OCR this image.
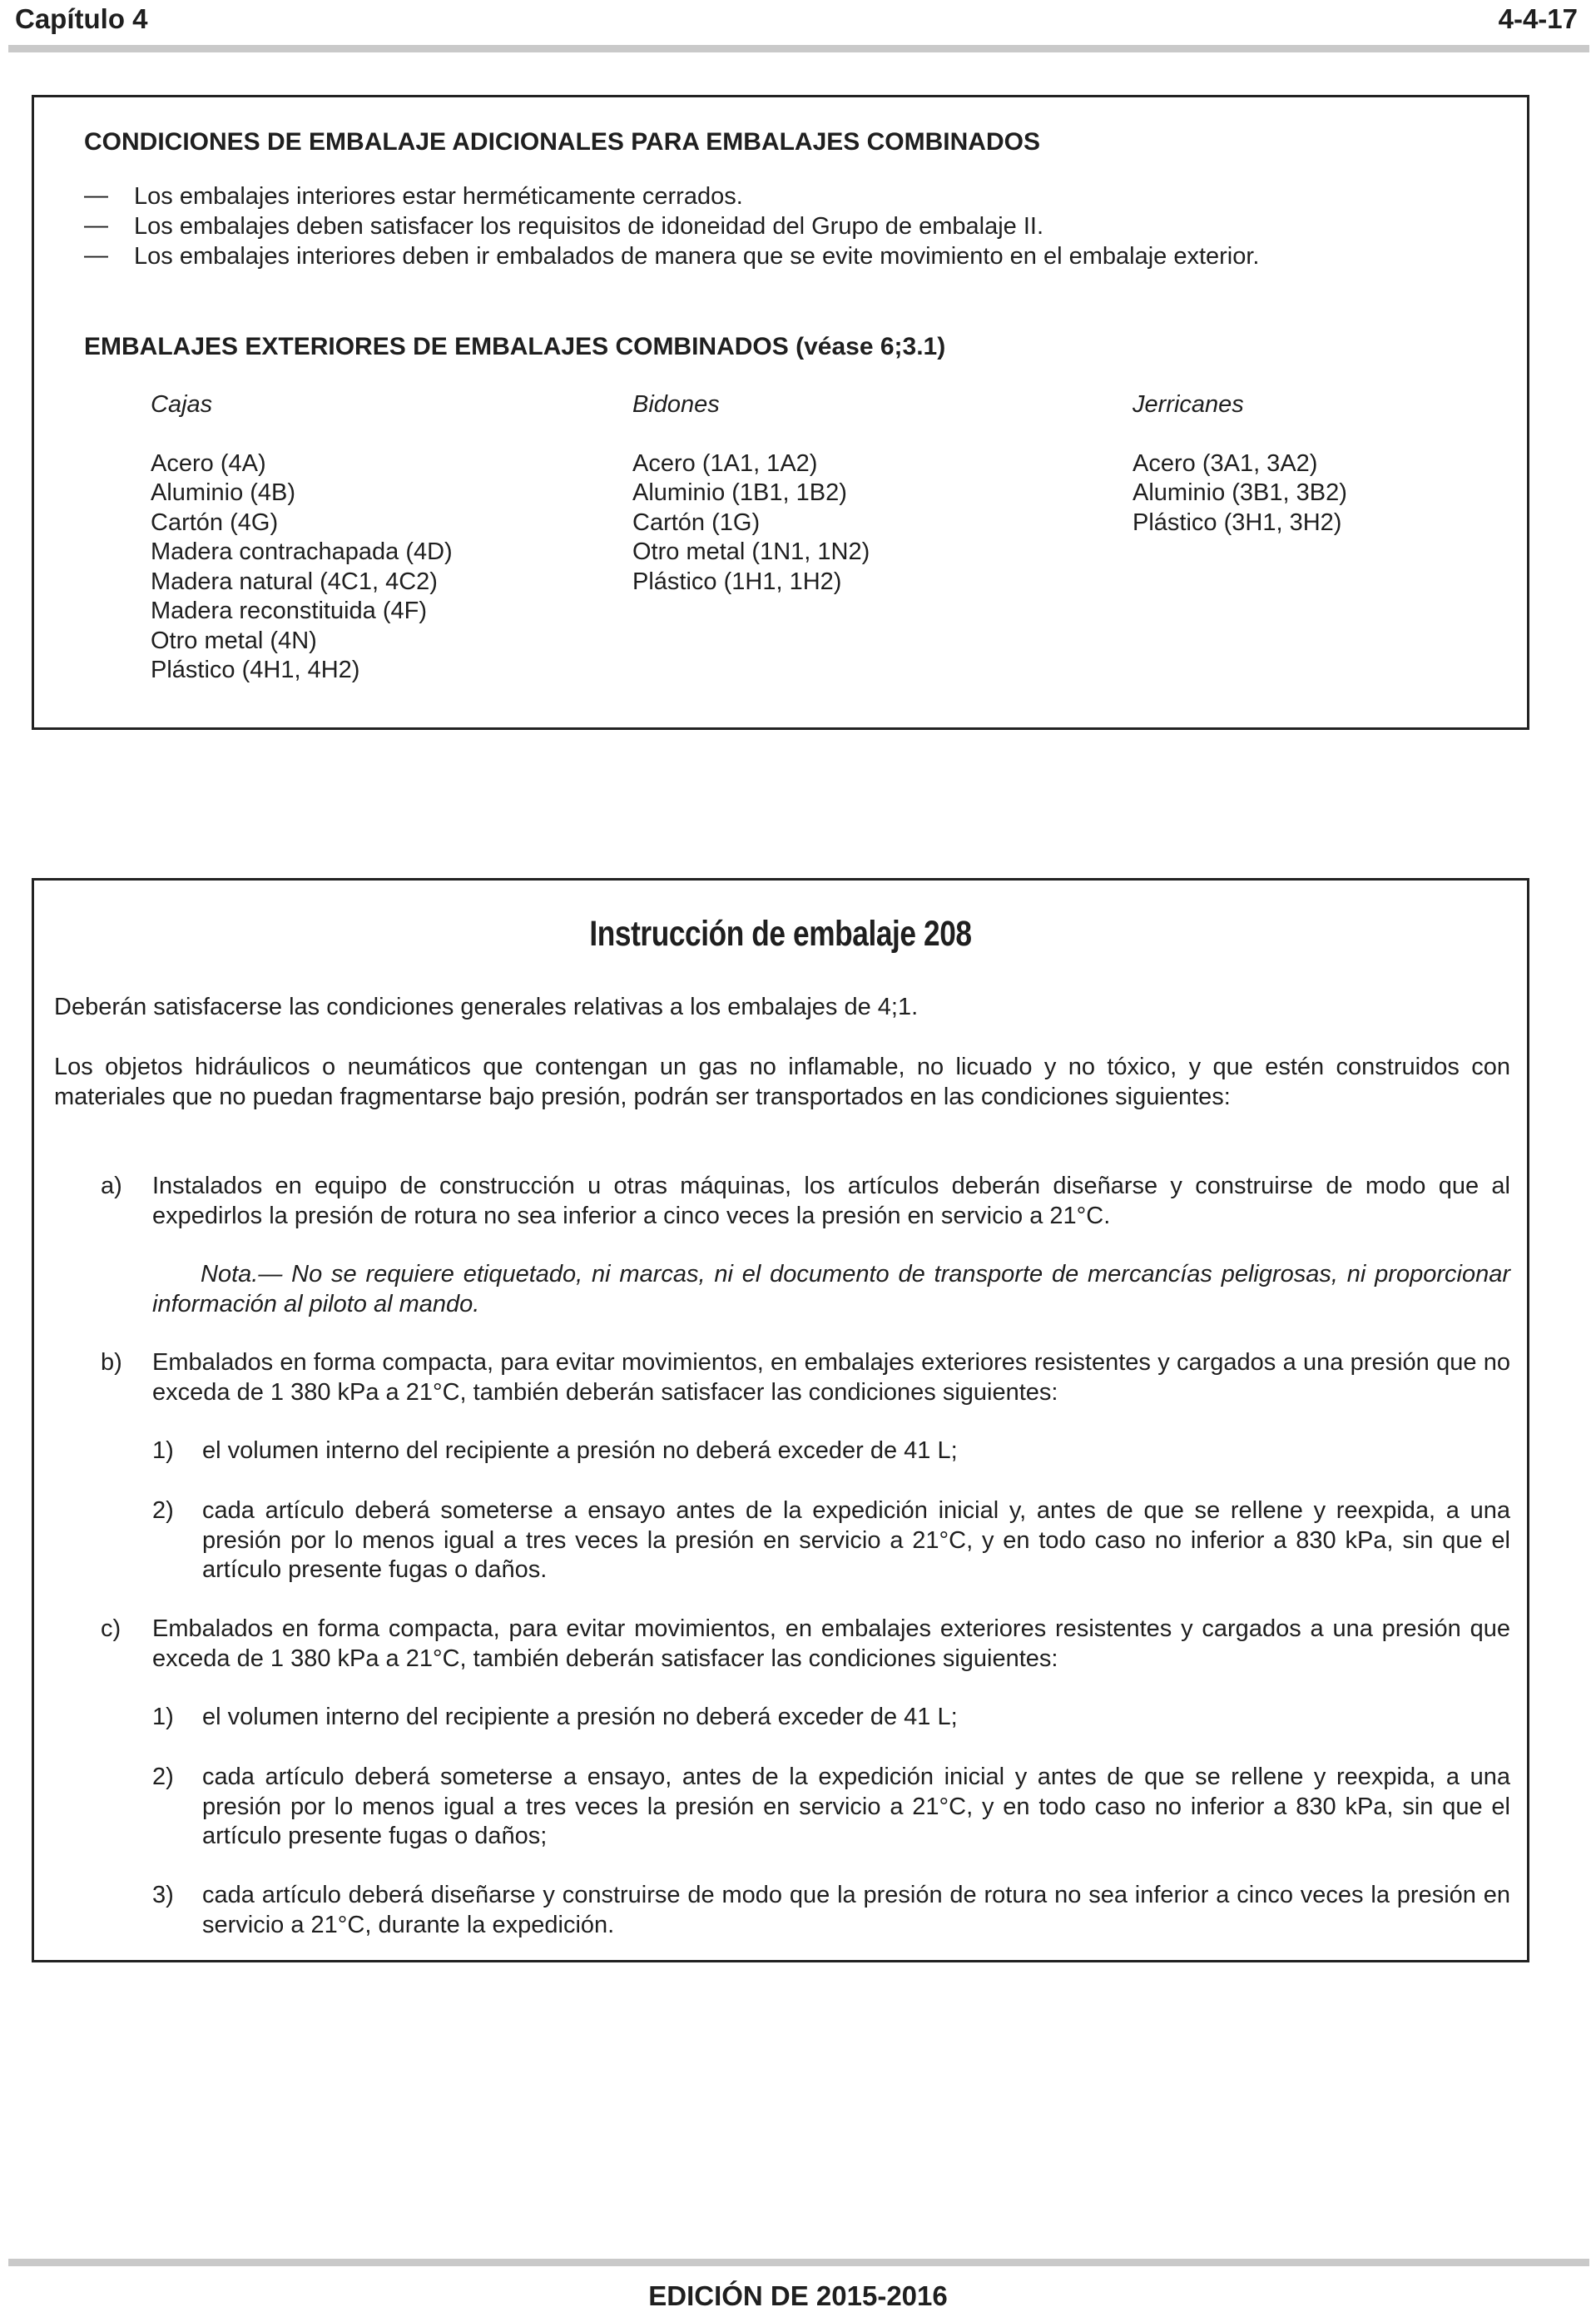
Capítulo 4	4-4-17
CONDICIONES DE EMBALAJE ADICIONALES PARA EMBALAJES COMBINADOS
— Los embalajes interiores estar herméticamente cerrados.
— Los embalajes deben satisfacer los requisitos de idoneidad del Grupo de embalaje II.
— Los embalajes interiores deben ir embalados de manera que se evite movimiento en el embalaje exterior.
EMBALAJES EXTERIORES DE EMBALAJES COMBINADOS (véase 6;3.1)
Cajas
Acero (4A)
Aluminio (4B)
Cartón (4G)
Madera contrachapada (4D)
Madera natural (4C1, 4C2)
Madera reconstituida (4F)
Otro metal (4N)
Plástico (4H1, 4H2)
Bidones
Acero (1A1, 1A2)
Aluminio (1B1, 1B2)
Cartón (1G)
Otro metal (1N1, 1N2)
Plástico (1H1, 1H2)
Jerricanes
Acero (3A1, 3A2)
Aluminio (3B1, 3B2)
Plástico (3H1, 3H2)
Instrucción de embalaje 208
Deberán satisfacerse las condiciones generales relativas a los embalajes de 4;1.
Los objetos hidráulicos o neumáticos que contengan un gas no inflamable, no licuado y no tóxico, y que estén construidos con materiales que no puedan fragmentarse bajo presión, podrán ser transportados en las condiciones siguientes:
a) Instalados en equipo de construcción u otras máquinas, los artículos deberán diseñarse y construirse de modo que al expedirlos la presión de rotura no sea inferior a cinco veces la presión en servicio a 21°C.
Nota.— No se requiere etiquetado, ni marcas, ni el documento de transporte de mercancías peligrosas, ni proporcionar información al piloto al mando.
b) Embalados en forma compacta, para evitar movimientos, en embalajes exteriores resistentes y cargados a una presión que no exceda de 1 380 kPa a 21°C, también deberán satisfacer las condiciones siguientes:
1) el volumen interno del recipiente a presión no deberá exceder de 41 L;
2) cada artículo deberá someterse a ensayo antes de la expedición inicial y, antes de que se rellene y reexpida, a una presión por lo menos igual a tres veces la presión en servicio a 21°C, y en todo caso no inferior a 830 kPa, sin que el artículo presente fugas o daños.
c) Embalados en forma compacta, para evitar movimientos, en embalajes exteriores resistentes y cargados a una presión que exceda de 1 380 kPa a 21°C, también deberán satisfacer las condiciones siguientes:
1) el volumen interno del recipiente a presión no deberá exceder de 41 L;
2) cada artículo deberá someterse a ensayo, antes de la expedición inicial y antes de que se rellene y reexpida, a una presión por lo menos igual a tres veces la presión en servicio a 21°C, y en todo caso no inferior a 830 kPa, sin que el artículo presente fugas o daños;
3) cada artículo deberá diseñarse y construirse de modo que la presión de rotura no sea inferior a cinco veces la presión en servicio a 21°C, durante la expedición.
EDICIÓN DE 2015-2016
